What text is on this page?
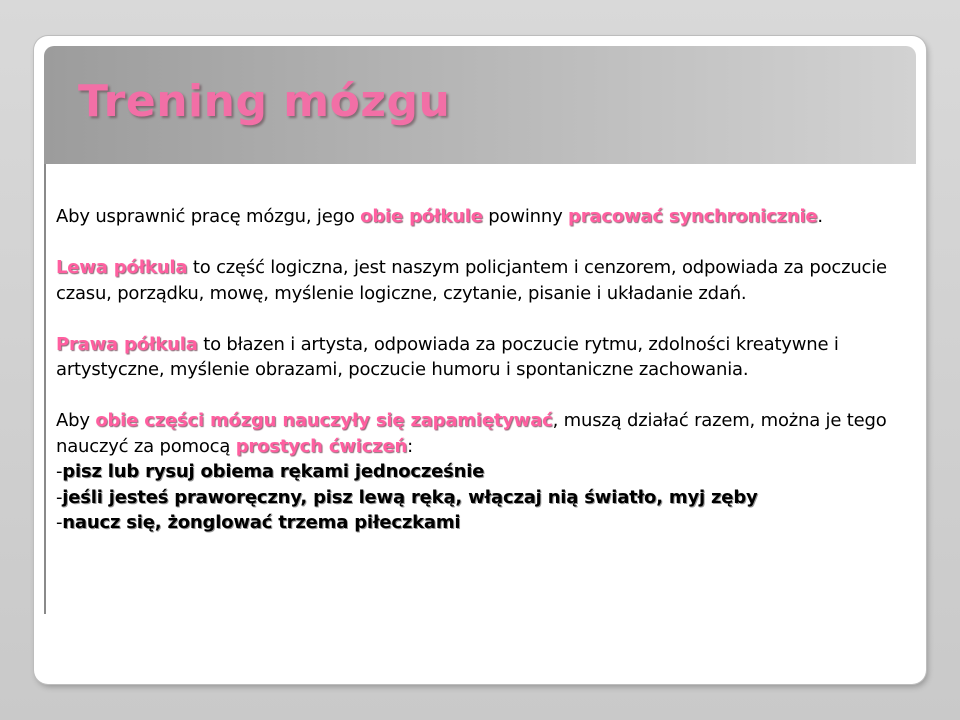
Trening mózgu

Aby usprawnić pracę mózgu, jego obie półkule powinny pracować synchronicznie.

Lewa półkula to część logiczna, jest naszym policjantem i cenzorem, odpowiada za poczucie czasu, porządku, mowę, myślenie logiczne, czytanie, pisanie i układanie zdań.

Prawa półkula to błazen i artysta, odpowiada za poczucie rytmu, zdolności kreatywne i artystyczne, myślenie obrazami, poczucie humoru i spontaniczne zachowania.

Aby obie części mózgu nauczyły się zapamiętywać, muszą działać razem, można je tego nauczyć za pomocą prostych ćwiczeń:

-pisz lub rysuj obiema rękami jednocześnie

-jeśli jesteś praworęczny, pisz lewą ręką, włączaj nią światło, myj zęby

-naucz się, żonglować trzema piłeczkami
